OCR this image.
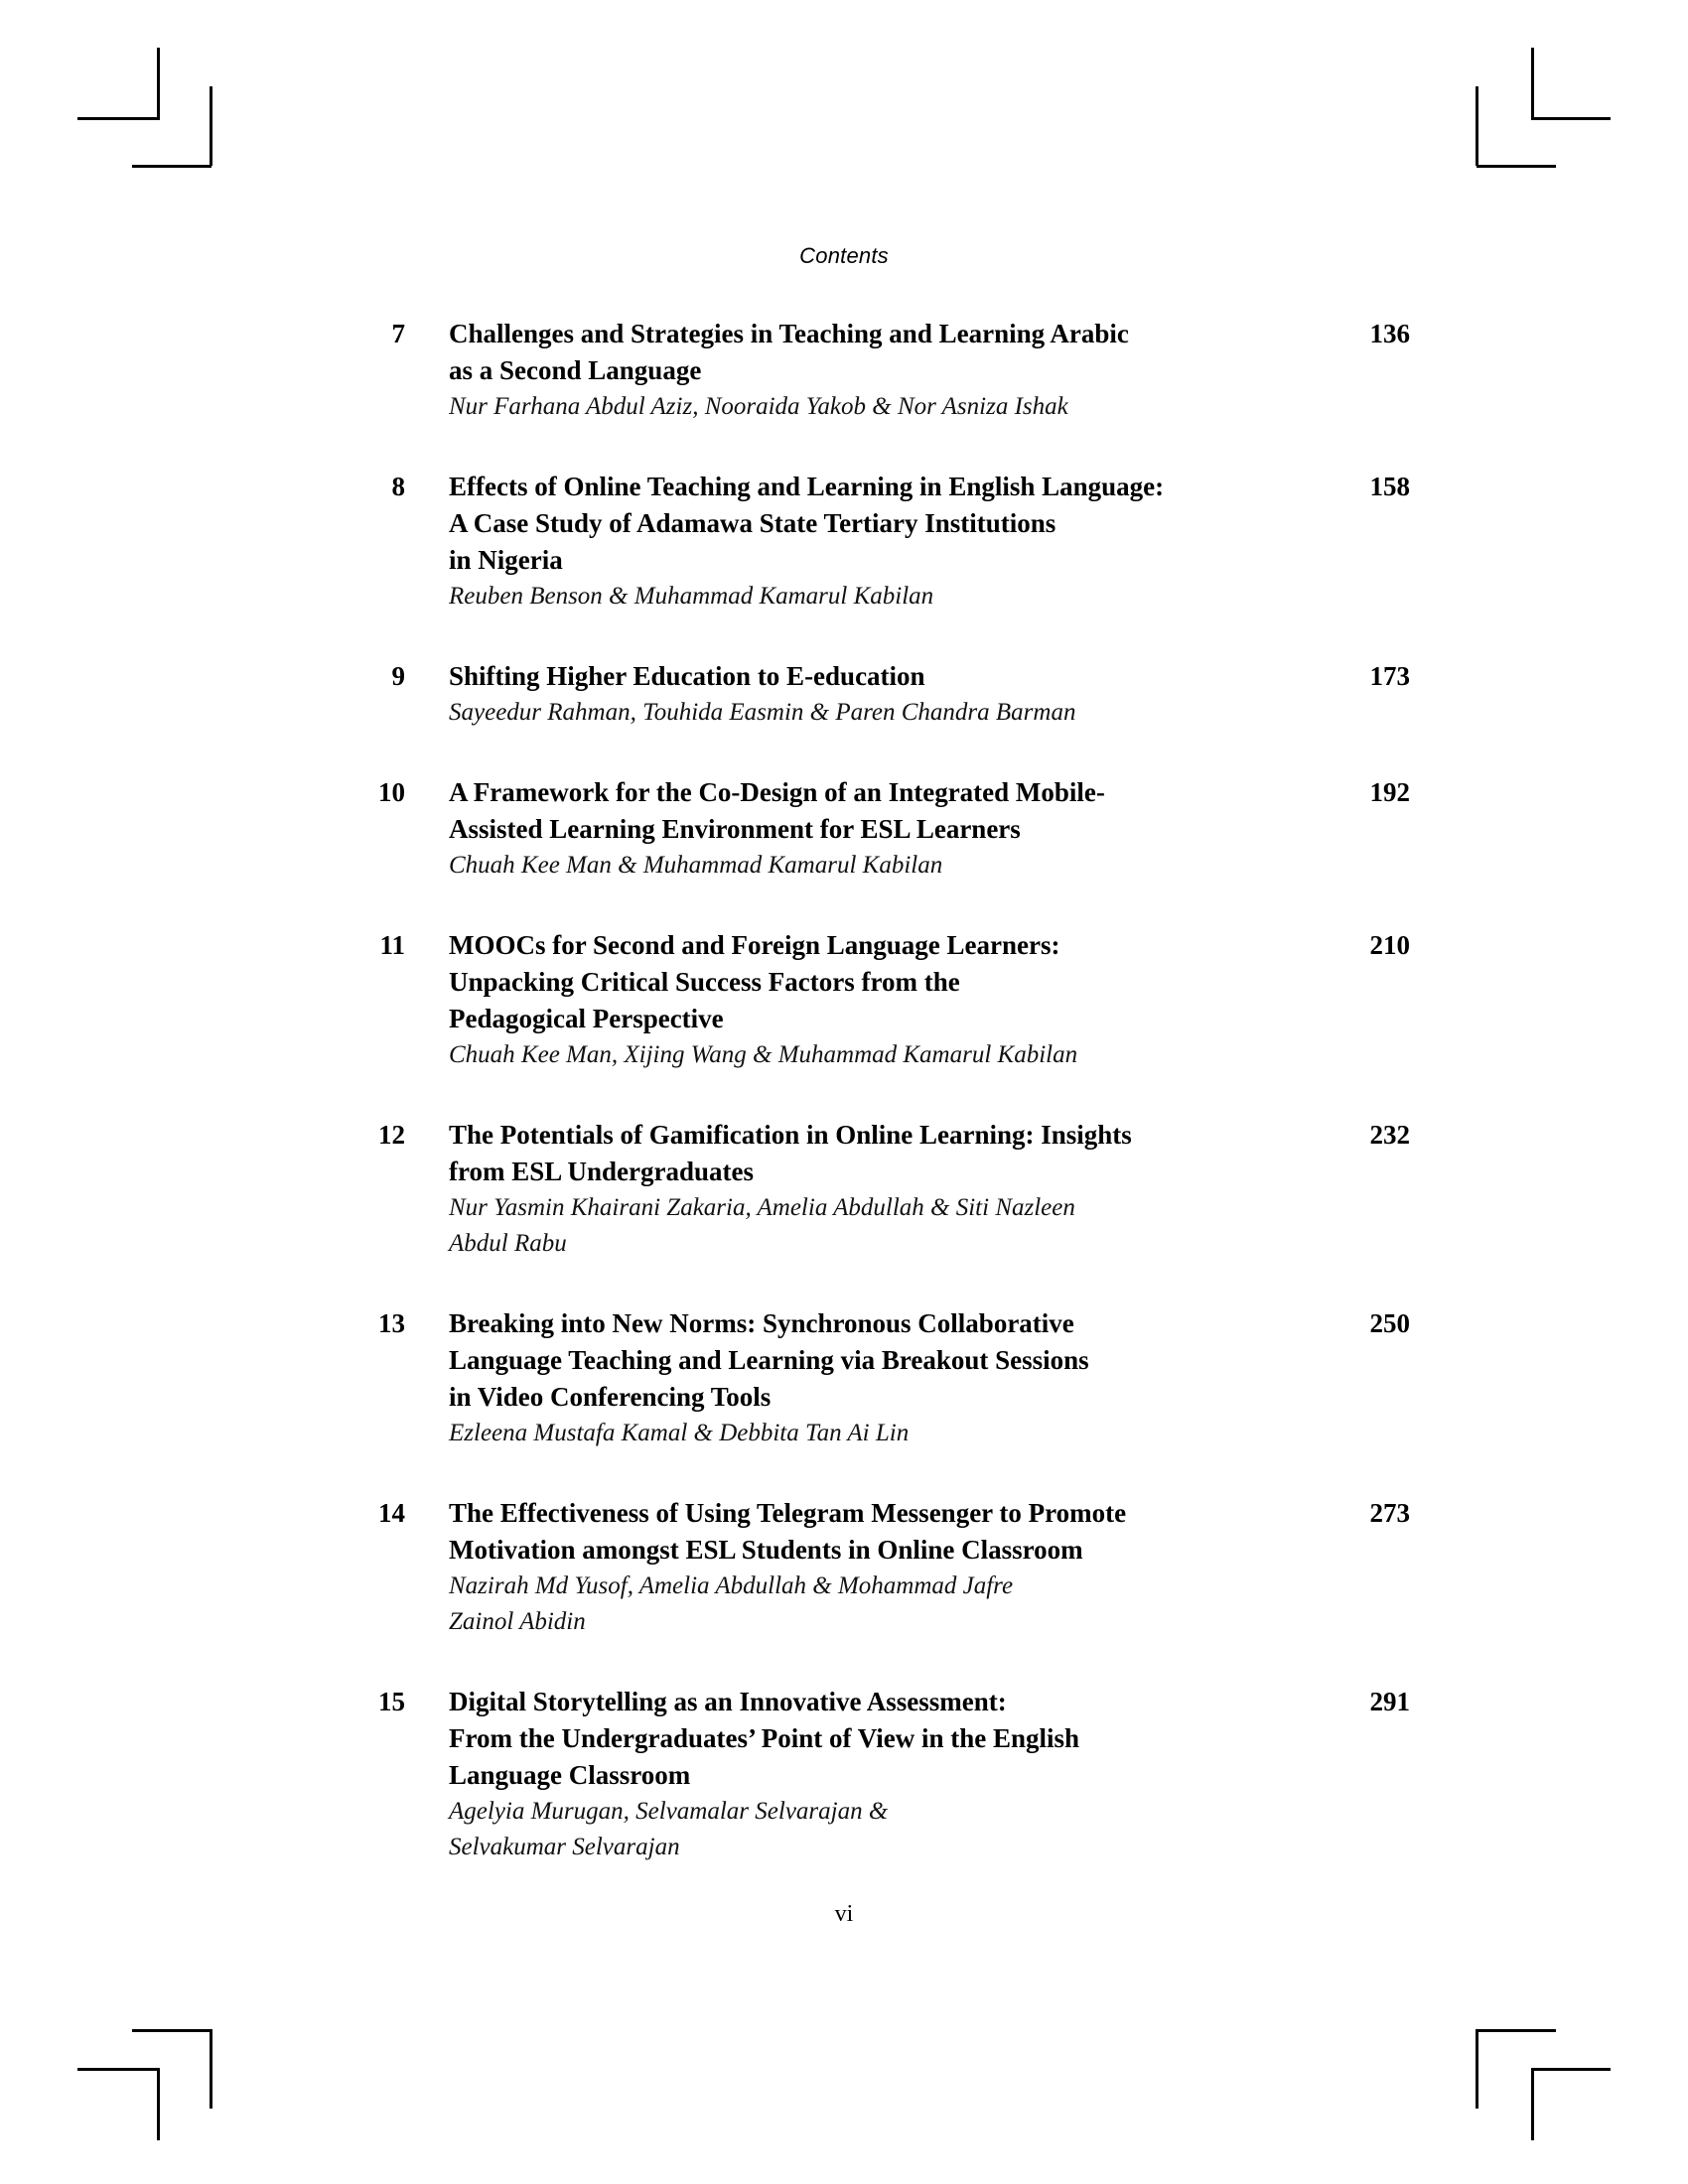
Contents
7 Challenges and Strategies in Teaching and Learning Arabic
as a Second Language
Nur Farhana Abdul Aziz, Nooraida Yakob & Nor Asniza Ishak
136
8 Effects of Online Teaching and Learning in English Language:
A Case Study of Adamawa State Tertiary Institutions
in Nigeria
Reuben Benson & Muhammad Kamarul Kabilan
158
9 Shifting Higher Education to E-education
Sayeedur Rahman, Touhida Easmin & Paren Chandra Barman
173
10 A Framework for the Co-Design of an Integrated Mobile-
Assisted Learning Environment for ESL Learners
Chuah Kee Man & Muhammad Kamarul Kabilan
192
11 MOOCs for Second and Foreign Language Learners:
Unpacking Critical Success Factors from the
Pedagogical Perspective
Chuah Kee Man, Xijing Wang & Muhammad Kamarul Kabilan
210
12 The Potentials of Gamification in Online Learning: Insights
from ESL Undergraduates
Nur Yasmin Khairani Zakaria, Amelia Abdullah & Siti Nazleen
Abdul Rabu
232
13 Breaking into New Norms: Synchronous Collaborative
Language Teaching and Learning via Breakout Sessions
in Video Conferencing Tools
Ezleena Mustafa Kamal & Debbita Tan Ai Lin
250
14 The Effectiveness of Using Telegram Messenger to Promote
Motivation amongst ESL Students in Online Classroom
Nazirah Md Yusof, Amelia Abdullah & Mohammad Jafre
Zainol Abidin
273
15 Digital Storytelling as an Innovative Assessment:
From the Undergraduates’ Point of View in the English
Language Classroom
Agelyia Murugan, Selvamalar Selvarajan &
Selvakumar Selvarajan
291
vi
